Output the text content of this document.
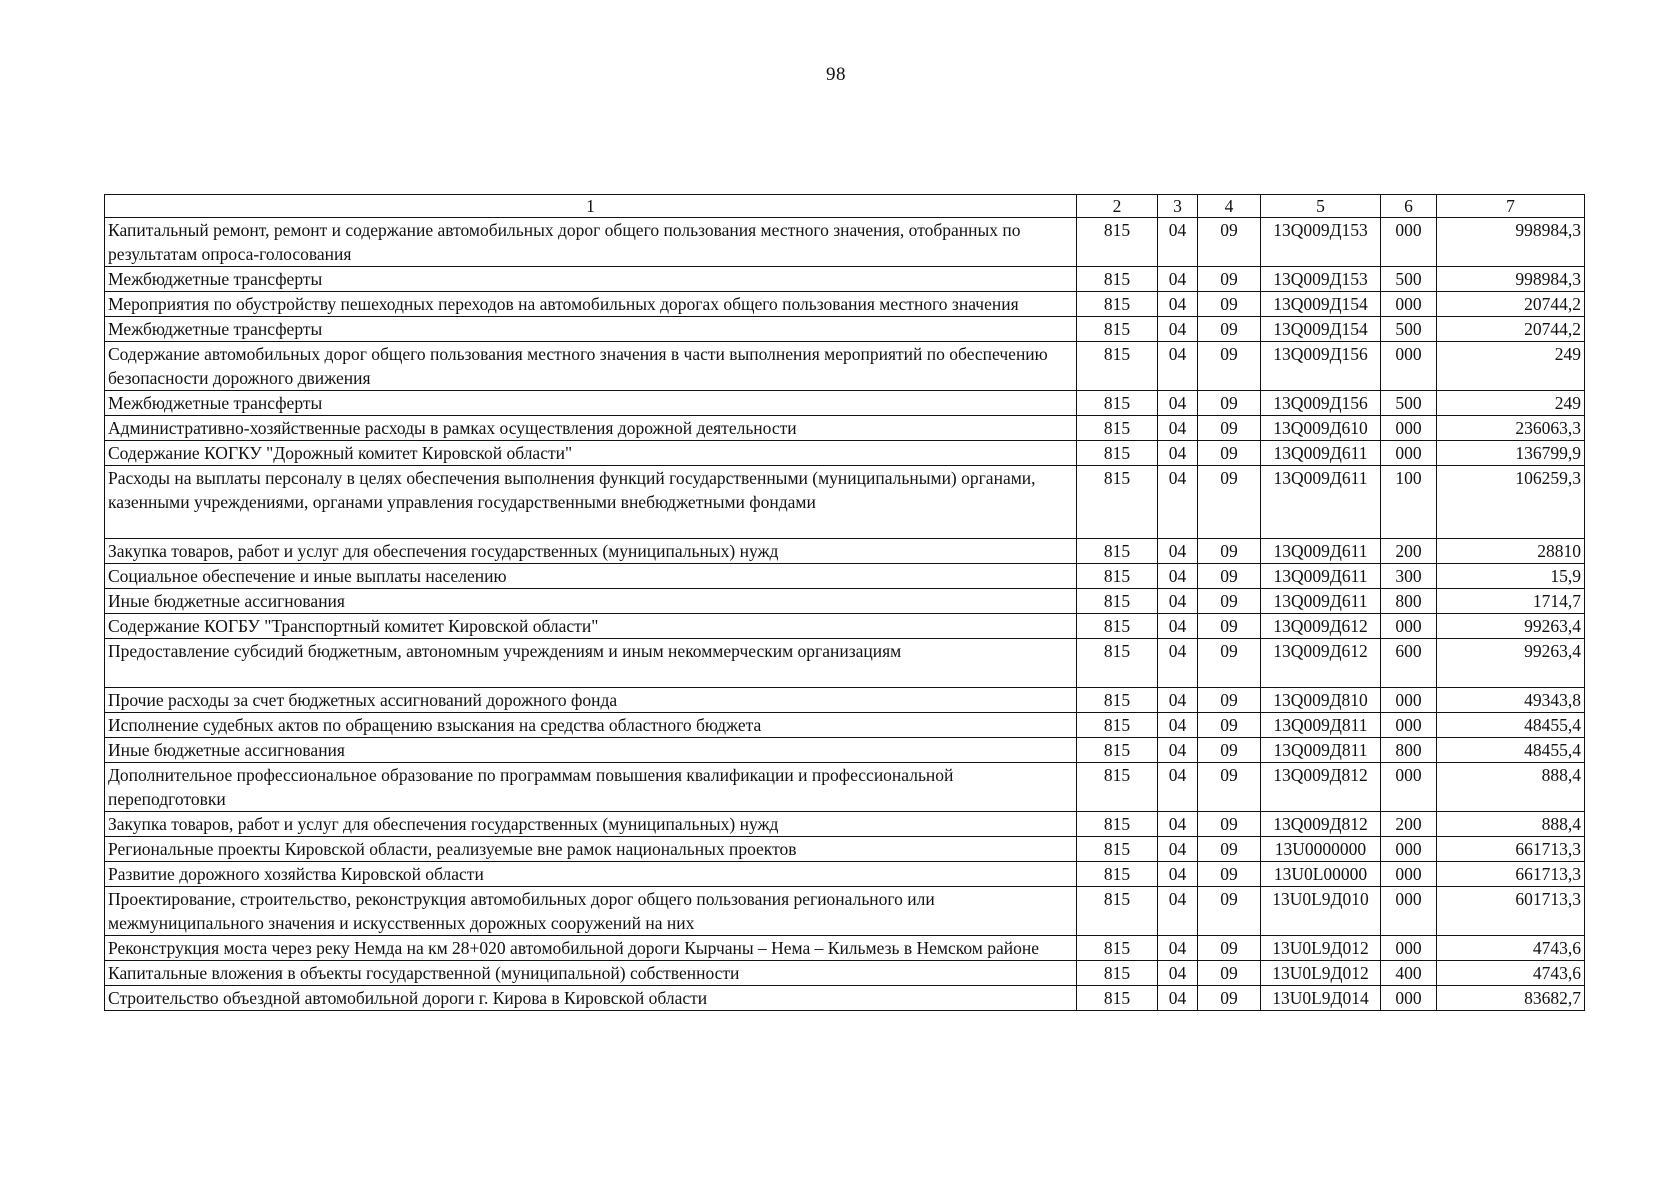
98
1	2	3	4	5	6	7
Капитальный ремонт, ремонт и содержание автомобильных дорог общего пользования местного значения, отобранных по результатам опроса-голосования	815	04	09	13Q009Д153	000	998984,3
Межбюджетные трансферты	815	04	09	13Q009Д153	500	998984,3
Мероприятия по обустройству пешеходных переходов на автомобильных дорогах общего пользования местного значения	815	04	09	13Q009Д154	000	20744,2
Межбюджетные трансферты	815	04	09	13Q009Д154	500	20744,2
Содержание автомобильных дорог общего пользования местного значения в части выполнения мероприятий по обеспечению безопасности дорожного движения	815	04	09	13Q009Д156	000	249
Межбюджетные трансферты	815	04	09	13Q009Д156	500	249
Административно-хозяйственные расходы в рамках осуществления дорожной деятельности	815	04	09	13Q009Д610	000	236063,3
Содержание КОГКУ "Дорожный комитет Кировской области"	815	04	09	13Q009Д611	000	136799,9
Расходы на выплаты персоналу в целях обеспечения выполнения функций государственными (муниципальными) органами, казенными учреждениями, органами управления государственными внебюджетными фондами	815	04	09	13Q009Д611	100	106259,3
Закупка товаров, работ и услуг для обеспечения государственных (муниципальных) нужд	815	04	09	13Q009Д611	200	28810
Социальное обеспечение и иные выплаты населению	815	04	09	13Q009Д611	300	15,9
Иные бюджетные ассигнования	815	04	09	13Q009Д611	800	1714,7
Содержание КОГБУ "Транспортный комитет Кировской области"	815	04	09	13Q009Д612	000	99263,4
Предоставление субсидий бюджетным, автономным учреждениям и иным некоммерческим организациям	815	04	09	13Q009Д612	600	99263,4
Прочие расходы за счет бюджетных ассигнований дорожного фонда	815	04	09	13Q009Д810	000	49343,8
Исполнение судебных актов по обращению взыскания на средства областного бюджета	815	04	09	13Q009Д811	000	48455,4
Иные бюджетные ассигнования	815	04	09	13Q009Д811	800	48455,4
Дополнительное профессиональное образование по программам повышения квалификации и профессиональной переподготовки	815	04	09	13Q009Д812	000	888,4
Закупка товаров, работ и услуг для обеспечения государственных (муниципальных) нужд	815	04	09	13Q009Д812	200	888,4
Региональные проекты Кировской области, реализуемые вне рамок национальных проектов	815	04	09	13U0000000	000	661713,3
Развитие дорожного хозяйства Кировской области	815	04	09	13U0L00000	000	661713,3
Проектирование, строительство, реконструкция автомобильных дорог общего пользования регионального или межмуниципального значения и искусственных дорожных сооружений на них	815	04	09	13U0L9Д010	000	601713,3
Реконструкция моста через реку Немда на км 28+020 автомобильной дороги Кырчаны – Нема – Кильмезь в Немском районе	815	04	09	13U0L9Д012	000	4743,6
Капитальные вложения в объекты государственной (муниципальной) собственности	815	04	09	13U0L9Д012	400	4743,6
Строительство объездной автомобильной дороги г. Кирова в Кировской области	815	04	09	13U0L9Д014	000	83682,7
